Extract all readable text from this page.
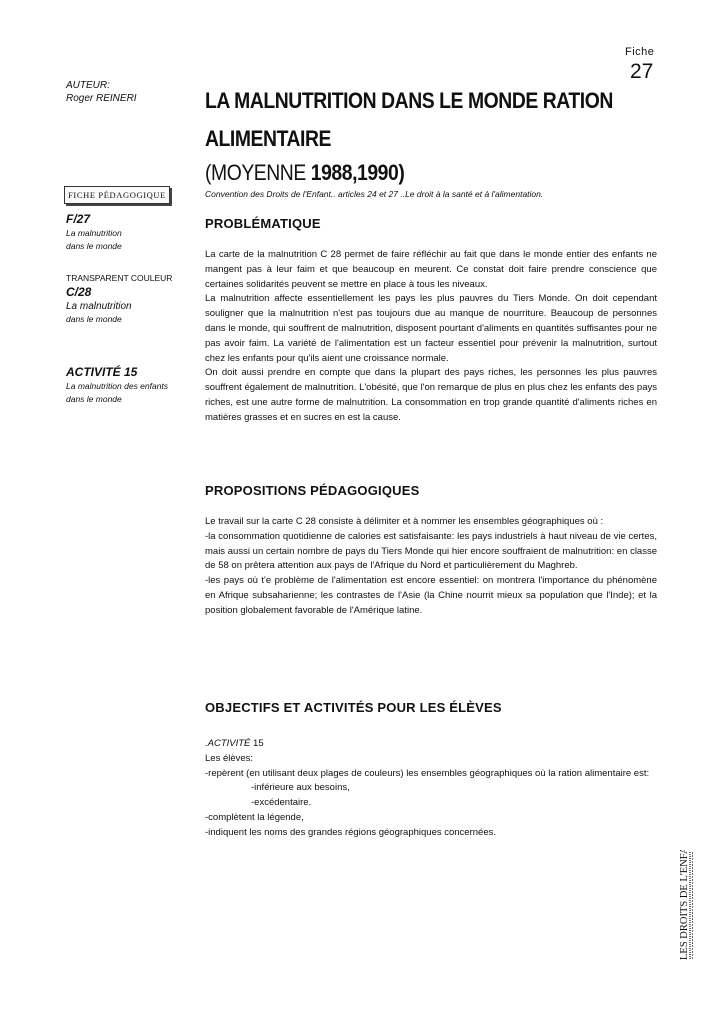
Fiche
27
AUTEUR:
Roger REINERI	LA MALNUTRITION DANS LE MONDE RATION ALIMENTAIRE
(MOYENNE 1988,1990)
FICHE PÉDAGOGIQUE	Convention des Droits de l'Enfant.. articles 24 et 27 ..Le droit à la santé et à l'alimentation.
F/27
La malnutrition
dans le monde
TRANSPARENT COULEUR
C/28
La malnutrition
dans le monde
ACTIVITÉ 15
La malnutrition des enfants
dans le monde
PROBLÉMATIQUE

La carte de la malnutrition C 28 permet de faire réfléchir au fait que dans le monde entier des enfants ne mangent pas à leur faim et que beaucoup en meurent. Ce constat doit faire prendre conscience que certaines solidarités peuvent se mettre en place à tous les niveaux.

La malnutrition affecte essentiellement les pays les plus pauvres du Tiers Monde. On doit cependant souligner que la malnutrition n'est pas toujours due au manque de nourriture. Beaucoup de personnes dans le monde, qui souffrent de malnutrition, disposent pourtant d'aliments en quantités suffisantes pour ne pas avoir faim. La variété de l'alimentation est un facteur essentiel pour prévenir la malnutrition, surtout chez les enfants pour qu'ils aient une croissance normale.

On doit aussi prendre en compte que dans la plupart des pays riches, les personnes les plus pauvres souffrent également de malnutrition. L'obésité, que l'on remarque de plus en plus chez les enfants des pays riches, est une autre forme de malnutrition. La consommation en trop grande quantité d'aliments riches en matières grasses et en sucres en est la cause.

PROPOSITIONS PÉDAGOGIQUES

Le travail sur la carte C 28 consiste à délimiter et à nommer les ensembles géographiques où :

-la consommation quotidienne de calories est satisfaisante: les pays industriels à haut niveau de vie certes, mais aussi un certain nombre de pays du Tiers Monde qui hier encore souffraient de malnutrition: en classe de 58 on prêtera attention aux pays de l'Afrique du Nord et particulièrement du Maghreb.

-les pays où t'e problème de l'alimentation est encore essentiel: on montrera l'importance du phénomène en Afrique subsaharienne; les contrastes de l'Asie (la Chine nourrit mieux sa population que l'Inde); et la position globalement favorable de l'Amérique latine.

OBJECTIFS ET ACTIVITÉS POUR LES ÉLÈVES

.ACTIVITÉ 15

Les élèves:

-repèrent (en utilisant deux plages de couleurs) les ensembles géographiques où la ration alimentaire est:

-inférieure aux besoins,

-excédentaire.

-complètent la légende,

-indiquent les noms des grandes régions géographiques concernées.

LES DROITS DE L'ENFANT
